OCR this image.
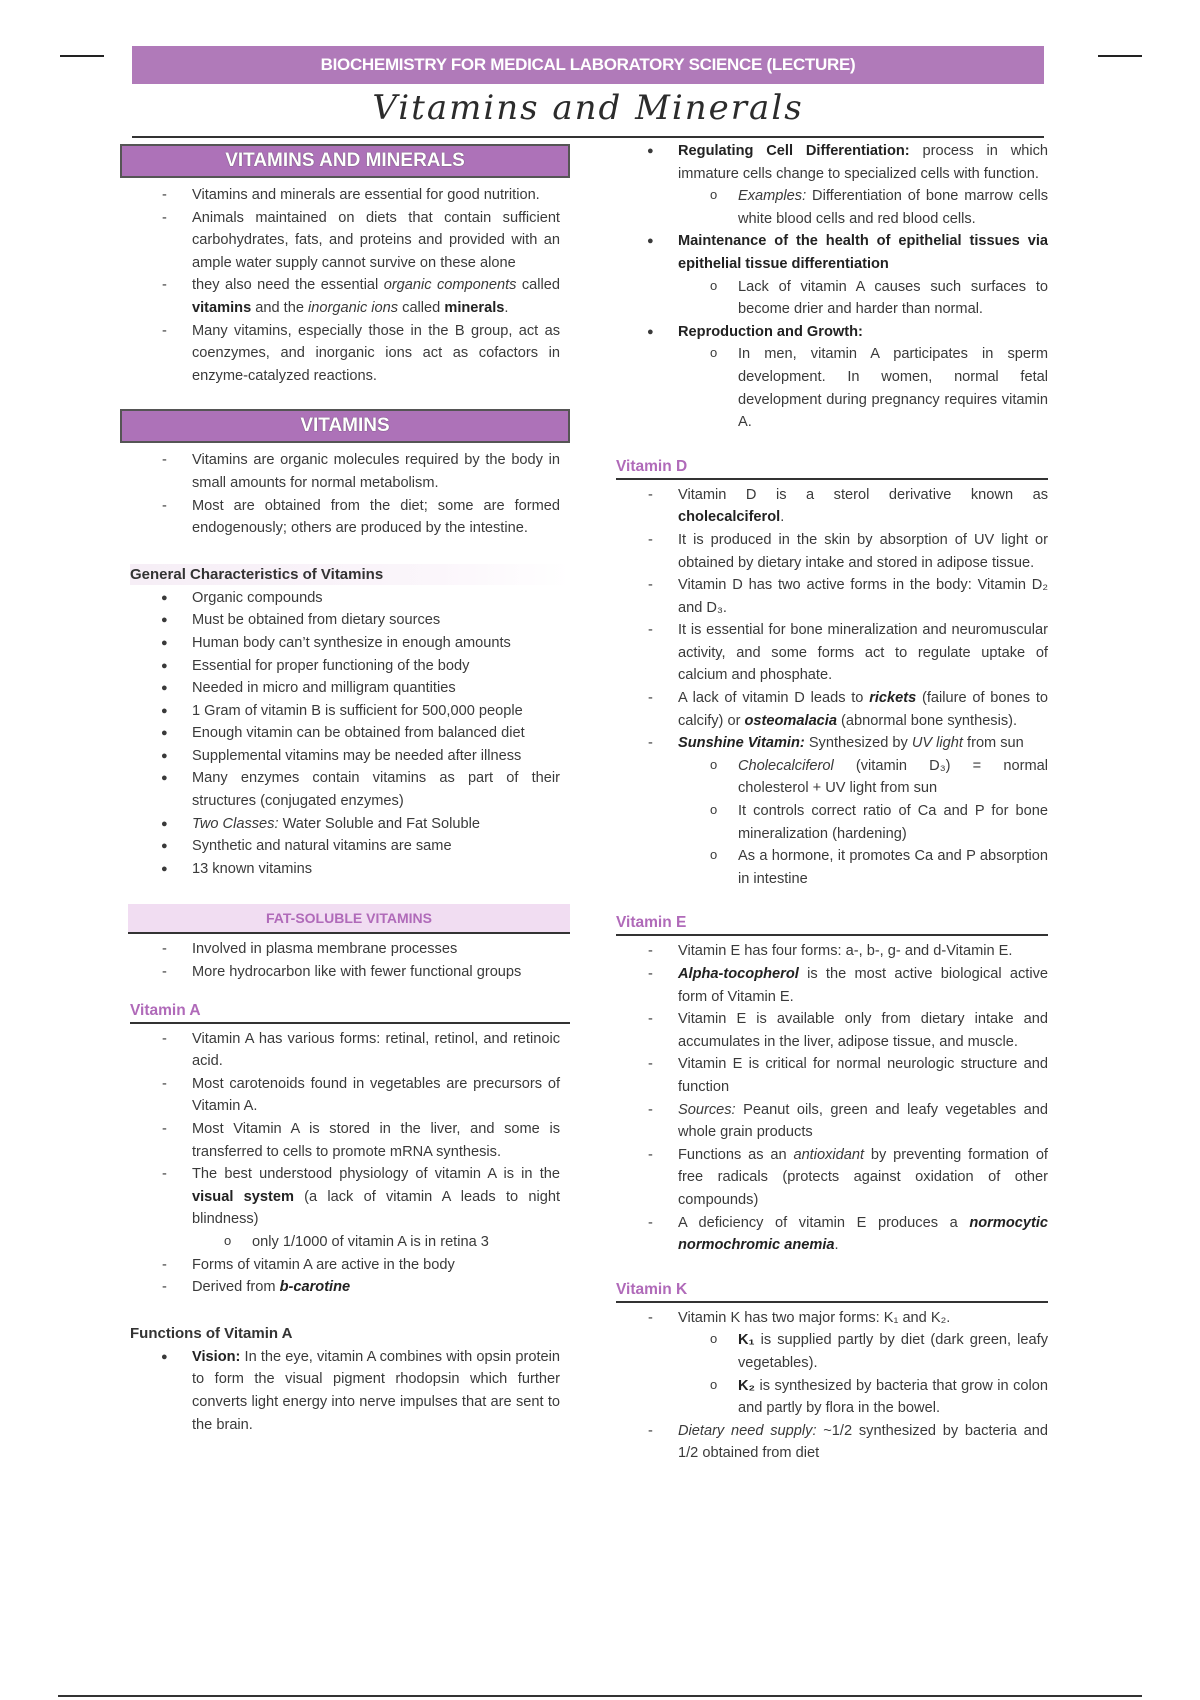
BIOCHEMISTRY FOR MEDICAL LABORATORY SCIENCE (LECTURE)
Vitamins and Minerals
VITAMINS AND MINERALS
- Vitamins and minerals are essential for good nutrition.
- Animals maintained on diets that contain sufficient carbohydrates, fats, and proteins and provided with an ample water supply cannot survive on these alone
- they also need the essential organic components called vitamins and the inorganic ions called minerals.
- Many vitamins, especially those in the B group, act as coenzymes, and inorganic ions act as cofactors in enzyme-catalyzed reactions.
VITAMINS
- Vitamins are organic molecules required by the body in small amounts for normal metabolism.
- Most are obtained from the diet; some are formed endogenously; others are produced by the intestine.
General Characteristics of Vitamins
● Organic compounds
● Must be obtained from dietary sources
● Human body can’t synthesize in enough amounts
● Essential for proper functioning of the body
● Needed in micro and milligram quantities
● 1 Gram of vitamin B is sufficient for 500,000 people
● Enough vitamin can be obtained from balanced diet
● Supplemental vitamins may be needed after illness
● Many enzymes contain vitamins as part of their structures (conjugated enzymes)
● Two Classes: Water Soluble and Fat Soluble
● Synthetic and natural vitamins are same
● 13 known vitamins
FAT-SOLUBLE VITAMINS
- Involved in plasma membrane processes
- More hydrocarbon like with fewer functional groups
Vitamin A
- Vitamin A has various forms: retinal, retinol, and retinoic acid.
- Most carotenoids found in vegetables are precursors of Vitamin A.
- Most Vitamin A is stored in the liver, and some is transferred to cells to promote mRNA synthesis.
- The best understood physiology of vitamin A is in the visual system (a lack of vitamin A leads to night blindness)
o only 1/1000 of vitamin A is in retina 3
- Forms of vitamin A are active in the body
- Derived from b-carotine
Functions of Vitamin A
● Vision: In the eye, vitamin A combines with opsin protein to form the visual pigment rhodopsin which further converts light energy into nerve impulses that are sent to the brain.
● Regulating Cell Differentiation: process in which immature cells change to specialized cells with function.
o Examples: Differentiation of bone marrow cells white blood cells and red blood cells.
● Maintenance of the health of epithelial tissues via epithelial tissue differentiation
o Lack of vitamin A causes such surfaces to become drier and harder than normal.
● Reproduction and Growth:
o In men, vitamin A participates in sperm development. In women, normal fetal development during pregnancy requires vitamin A.
Vitamin D
- Vitamin D is a sterol derivative known as cholecalciferol.
- It is produced in the skin by absorption of UV light or obtained by dietary intake and stored in adipose tissue.
- Vitamin D has two active forms in the body: Vitamin D₂ and D₃.
- It is essential for bone mineralization and neuromuscular activity, and some forms act to regulate uptake of calcium and phosphate.
- A lack of vitamin D leads to rickets (failure of bones to calcify) or osteomalacia (abnormal bone synthesis).
- Sunshine Vitamin: Synthesized by UV light from sun
o Cholecalciferol (vitamin D₃) = normal cholesterol + UV light from sun
o It controls correct ratio of Ca and P for bone mineralization (hardening)
o As a hormone, it promotes Ca and P absorption in intestine
Vitamin E
- Vitamin E has four forms: a-, b-, g- and d-Vitamin E.
- Alpha-tocopherol is the most active biological active form of Vitamin E.
- Vitamin E is available only from dietary intake and accumulates in the liver, adipose tissue, and muscle.
- Vitamin E is critical for normal neurologic structure and function
- Sources: Peanut oils, green and leafy vegetables and whole grain products
- Functions as an antioxidant by preventing formation of free radicals (protects against oxidation of other compounds)
- A deficiency of vitamin E produces a normocytic normochromic anemia.
Vitamin K
- Vitamin K has two major forms: K₁ and K₂.
o K₁ is supplied partly by diet (dark green, leafy vegetables).
o K₂ is synthesized by bacteria that grow in colon and partly by flora in the bowel.
- Dietary need supply: ~1/2 synthesized by bacteria and 1/2 obtained from diet
